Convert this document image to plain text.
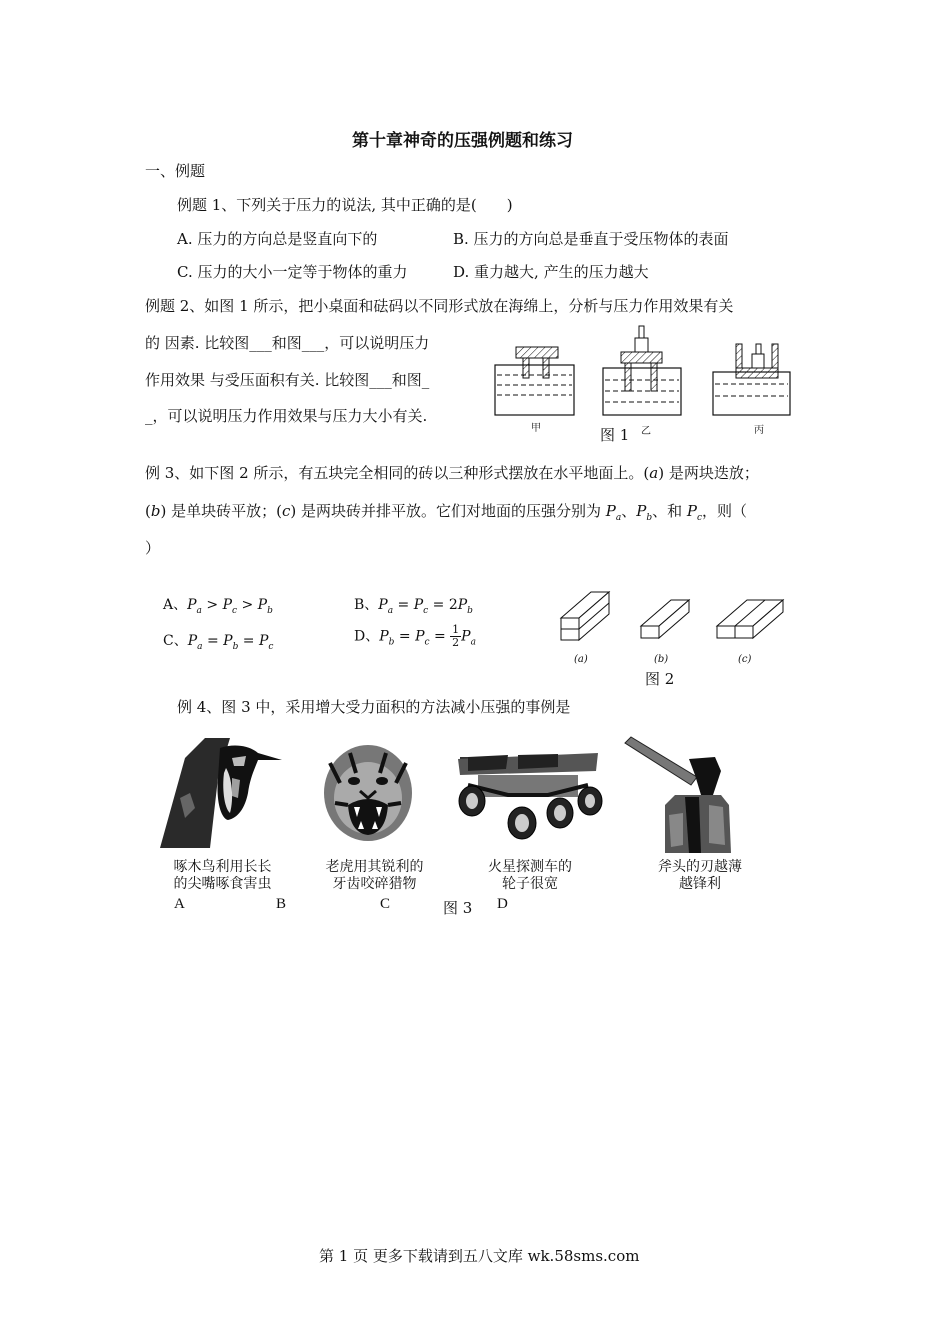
第十章神奇的压强例题和练习
一、例题
例题 1、下列关于压力的说法, 其中正确的是(　　)
A. 压力的方向总是竖直向下的	B. 压力的方向总是垂直于受压物体的表面
C. 压力的大小一定等于物体的重力	D. 重力越大, 产生的压力越大
例题 2、如图 1 所示，把小桌面和砝码以不同形式放在海绵上，分析与压力作用效果有关
的 因素. 比较图___和图___，可以说明压力
作用效果 与受压面积有关. 比较图___和图_
_，可以说明压力作用效果与压力大小有关.
甲	乙	丙
图 1
例 3、如下图 2 所示，有五块完全相同的砖以三种形式摆放在水平地面上。(a) 是两块迭放；
(b) 是单块砖平放；(c) 是两块砖并排平放。它们对地面的压强分别为 $P_a$、$P_b$、和 $P_c$，则（
）
A、$P_a > P_c > P_b$	B、$P_a = P_c = 2P_b$
C、$P_a = P_b = P_c$
D、$P_b = P_c = \frac{1}{2} P_a$
(a)	(b)	(c)
图 2
例 4、图 3 中，采用增大受力面积的方法减小压强的事例是
啄木鸟利用长长
的尖嘴啄食害虫
老虎用其锐利的
牙齿咬碎猎物
火星探测车的
轮子很宽
斧头的刃越薄
越锋利
A	B	C	图 3 D
第 1 页 更多下载请到五八文库 wk.58sms.com
